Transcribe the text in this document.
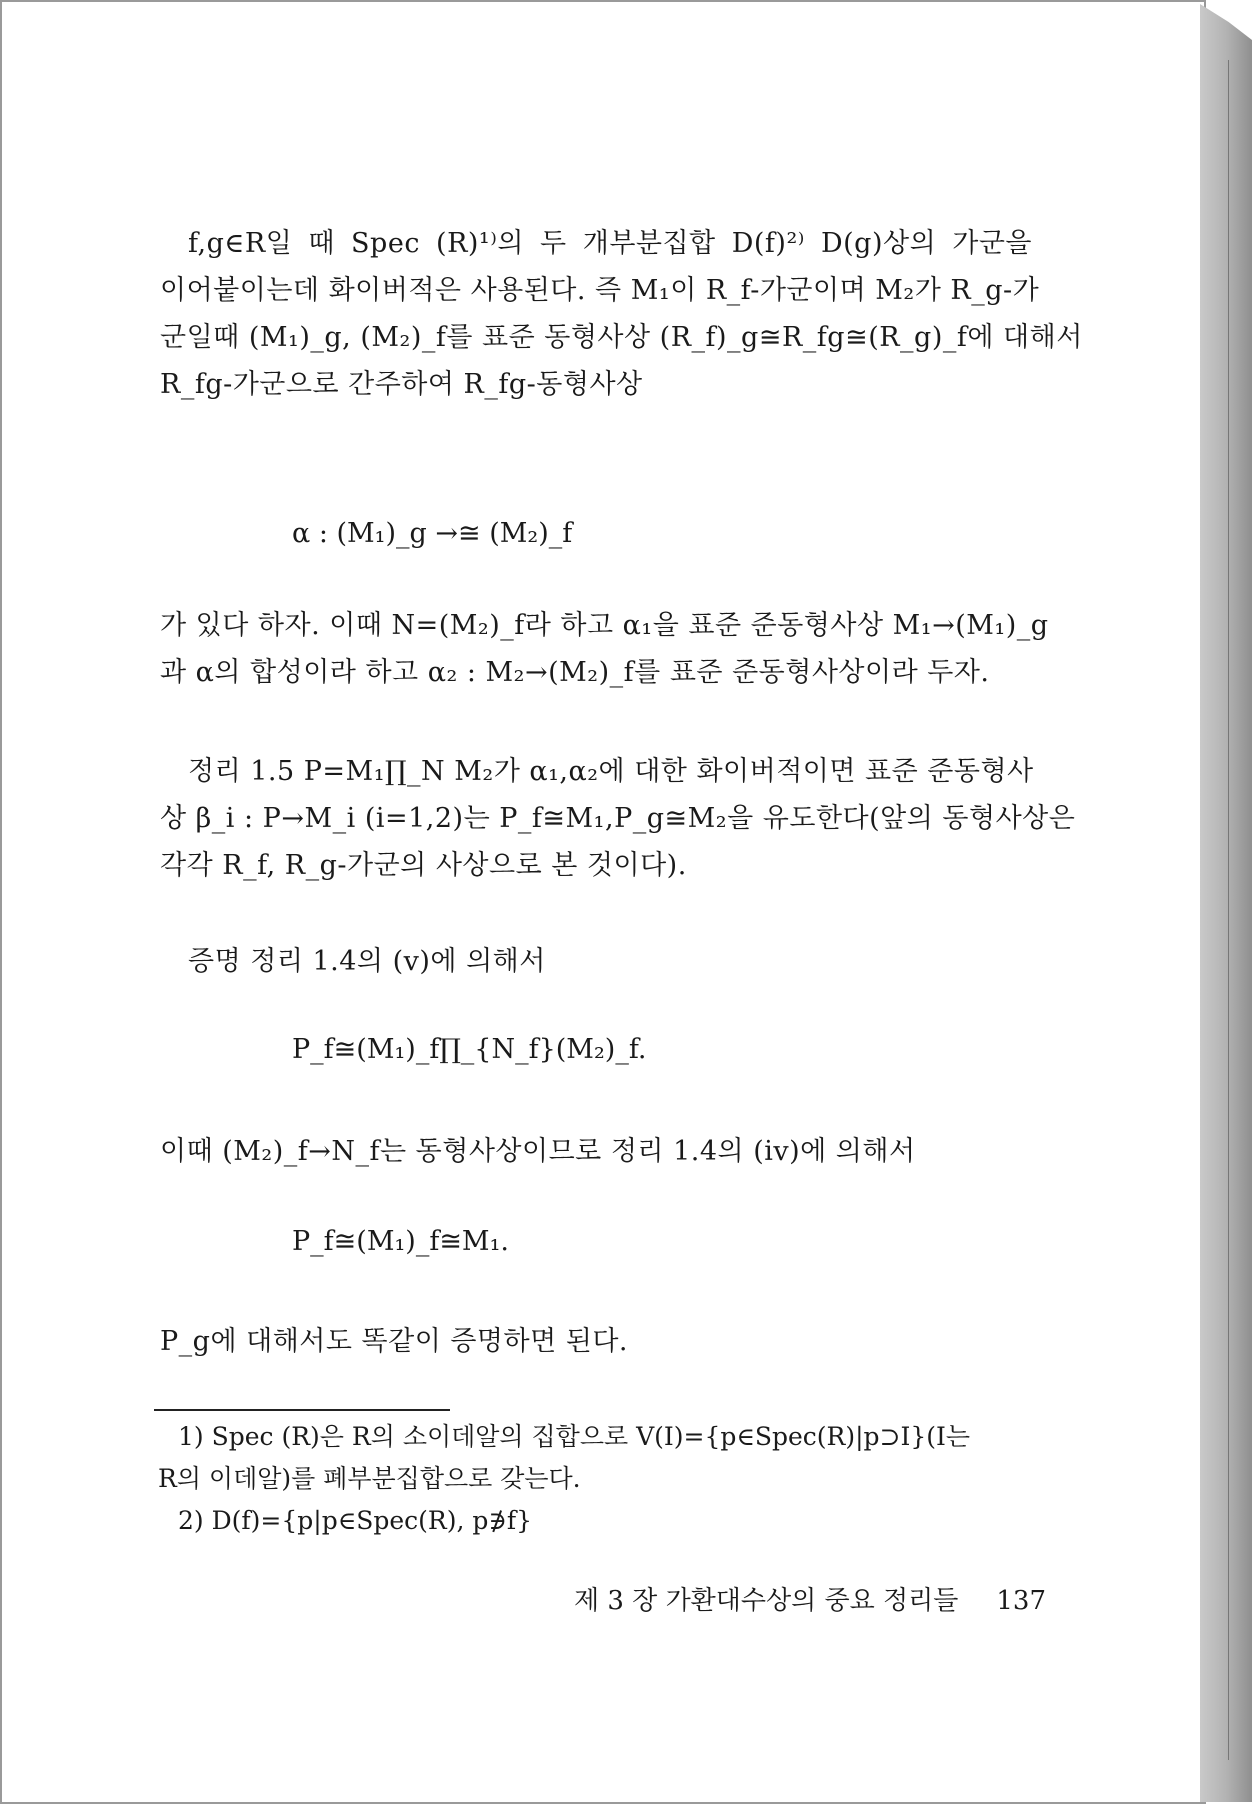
f,g∈R일 때 Spec (R)¹⁾의 두 개부분집합 D(f)²⁾ D(g)상의 가군을
이어붙이는데 화이버적은 사용된다. 즉 M₁이 R_f-가군이며 M₂가 R_g-가
군일때 (M₁)_g, (M₂)_f를 표준 동형사상 (R_f)_g≅R_fg≅(R_g)_f에 대해서
R_fg-가군으로 간주하여 R_fg-동형사상
α : (M₁)_g →≅ (M₂)_f
가 있다 하자. 이때 N=(M₂)_f라 하고 α₁을 표준 준동형사상 M₁→(M₁)_g
과 α의 합성이라 하고 α₂ : M₂→(M₂)_f를 표준 준동형사상이라 두자.
정리 1.5 P=M₁∏_N M₂가 α₁,α₂에 대한 화이버적이면 표준 준동형사
상 β_i : P→M_i (i=1,2)는 P_f≅M₁,P_g≅M₂을 유도한다(앞의 동형사상은
각각 R_f, R_g-가군의 사상으로 본 것이다).
증명 정리 1.4의 (v)에 의해서
P_f≅(M₁)_f∏_{N_f}(M₂)_f.
이때 (M₂)_f→N_f는 동형사상이므로 정리 1.4의 (iv)에 의해서
P_f≅(M₁)_f≅M₁.
P_g에 대해서도 똑같이 증명하면 된다.
1) Spec (R)은 R의 소이데알의 집합으로 V(I)={p∈Spec(R)|p⊃I}(I는
R의 이데알)를 폐부분집합으로 갖는다.
2) D(f)={p|p∈Spec(R), p∌f}
제 3 장 가환대수상의 중요 정리들 137
